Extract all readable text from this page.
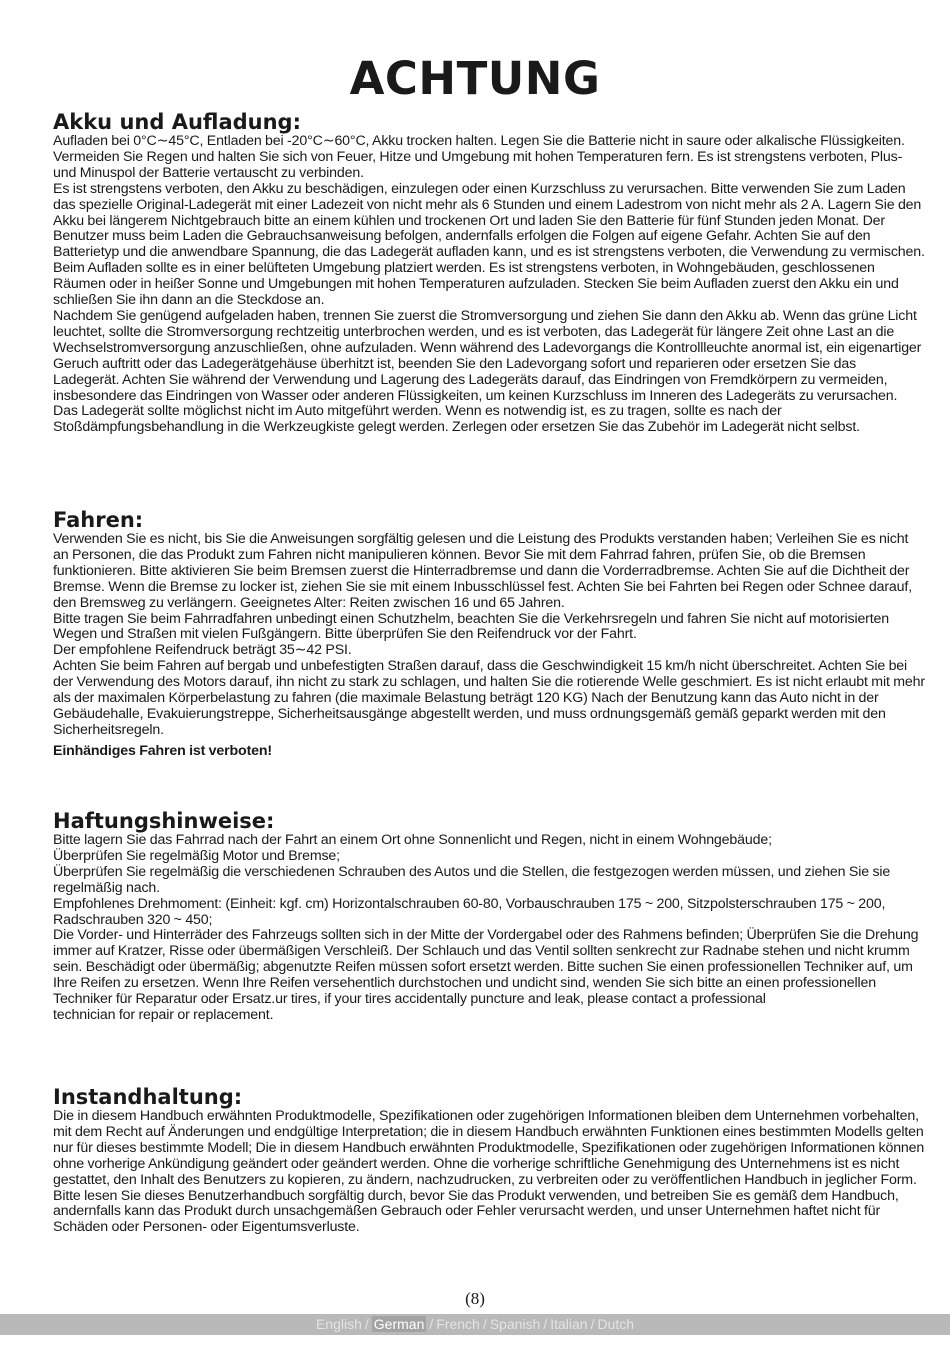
ACHTUNG
Akku und Aufladung:

Aufladen bei 0°C∼45°C, Entladen bei -20°C∼60°C, Akku trocken halten. Legen Sie die Batterie nicht in saure oder alkalische Flüssigkeiten. Vermeiden Sie Regen und halten Sie sich von Feuer, Hitze und Umgebung mit hohen Temperaturen fern. Es ist strengstens verboten, Plus- und Minuspol der Batterie vertauscht zu verbinden.

Es ist strengstens verboten, den Akku zu beschädigen, einzulegen oder einen Kurzschluss zu verursachen. Bitte verwenden Sie zum Laden das spezielle Original-Ladegerät mit einer Ladezeit von nicht mehr als 6 Stunden und einem Ladestrom von nicht mehr als 2 A. Lagern Sie den Akku bei längerem Nichtgebrauch bitte an einem kühlen und trockenen Ort und laden Sie den Batterie für fünf Stunden jeden Monat. Der Benutzer muss beim Laden die Gebrauchsanweisung befolgen, andernfalls erfolgen die Folgen auf eigene Gefahr. Achten Sie auf den Batterietyp und die anwendbare Spannung, die das Ladegerät aufladen kann, und es ist strengstens verboten, die Verwendung zu vermischen. Beim Aufladen sollte es in einer belüfteten Umgebung platziert werden. Es ist strengstens verboten, in Wohngebäuden, geschlossenen Räumen oder in heißer Sonne und Umgebungen mit hohen Temperaturen aufzuladen. Stecken Sie beim Aufladen zuerst den Akku ein und schließen Sie ihn dann an die Steckdose an.

Nachdem Sie genügend aufgeladen haben, trennen Sie zuerst die Stromversorgung und ziehen Sie dann den Akku ab. Wenn das grüne Licht leuchtet, sollte die Stromversorgung rechtzeitig unterbrochen werden, und es ist verboten, das Ladegerät für längere Zeit ohne Last an die Wechselstromversorgung anzuschließen, ohne aufzuladen. Wenn während des Ladevorgangs die Kontrollleuchte anormal ist, ein eigenartiger Geruch auftritt oder das Ladegerätgehäuse überhitzt ist, beenden Sie den Ladevorgang sofort und reparieren oder ersetzen Sie das Ladegerät. Achten Sie während der Verwendung und Lagerung des Ladegeräts darauf, das Eindringen von Fremdkörpern zu vermeiden, insbesondere das Eindringen von Wasser oder anderen Flüssigkeiten, um keinen Kurzschluss im Inneren des Ladegeräts zu verursachen.

Das Ladegerät sollte möglichst nicht im Auto mitgeführt werden. Wenn es notwendig ist, es zu tragen, sollte es nach der Stoßdämpfungsbehandlung in die Werkzeugkiste gelegt werden. Zerlegen oder ersetzen Sie das Zubehör im Ladegerät nicht selbst.

Fahren:

Verwenden Sie es nicht, bis Sie die Anweisungen sorgfältig gelesen und die Leistung des Produkts verstanden haben; Verleihen Sie es nicht an Personen, die das Produkt zum Fahren nicht manipulieren können. Bevor Sie mit dem Fahrrad fahren, prüfen Sie, ob die Bremsen funktionieren. Bitte aktivieren Sie beim Bremsen zuerst die Hinterradbremse und dann die Vorderradbremse. Achten Sie auf die Dichtheit der Bremse. Wenn die Bremse zu locker ist, ziehen Sie sie mit einem Inbusschlüssel fest. Achten Sie bei Fahrten bei Regen oder Schnee darauf, den Bremsweg zu verlängern. Geeignetes Alter: Reiten zwischen 16 und 65 Jahren.

Bitte tragen Sie beim Fahrradfahren unbedingt einen Schutzhelm, beachten Sie die Verkehrsregeln und fahren Sie nicht auf motorisierten Wegen und Straßen mit vielen Fußgängern. Bitte überprüfen Sie den Reifendruck vor der Fahrt.

Der empfohlene Reifendruck beträgt 35∼42 PSI.

Achten Sie beim Fahren auf bergab und unbefestigten Straßen darauf, dass die Geschwindigkeit 15 km/h nicht überschreitet. Achten Sie bei der Verwendung des Motors darauf, ihn nicht zu stark zu schlagen, und halten Sie die rotierende Welle geschmiert. Es ist nicht erlaubt mit mehr als der maximalen Körperbelastung zu fahren (die maximale Belastung beträgt 120 KG) Nach der Benutzung kann das Auto nicht in der Gebäudehalle, Evakuierungstreppe, Sicherheitsausgänge abgestellt werden, und muss ordnungsgemäß gemäß geparkt werden mit den Sicherheitsregeln.

Einhändiges Fahren ist verboten!

Haftungshinweise:

Bitte lagern Sie das Fahrrad nach der Fahrt an einem Ort ohne Sonnenlicht und Regen, nicht in einem Wohngebäude;

Überprüfen Sie regelmäßig Motor und Bremse;

Überprüfen Sie regelmäßig die verschiedenen Schrauben des Autos und die Stellen, die festgezogen werden müssen, und ziehen Sie sie regelmäßig nach.

Empfohlenes Drehmoment: (Einheit: kgf. cm) Horizontalschrauben 60-80, Vorbauschrauben 175 ~ 200, Sitzpolsterschrauben 175 ~ 200, Radschrauben 320 ~ 450;

Die Vorder- und Hinterräder des Fahrzeugs sollten sich in der Mitte der Vordergabel oder des Rahmens befinden; Überprüfen Sie die Drehung immer auf Kratzer, Risse oder übermäßigen Verschleiß. Der Schlauch und das Ventil sollten senkrecht zur Radnabe stehen und nicht krumm sein. Beschädigt oder übermäßig; abgenutzte Reifen müssen sofort ersetzt werden. Bitte suchen Sie einen professionellen Techniker auf, um Ihre Reifen zu ersetzen. Wenn Ihre Reifen versehentlich durchstochen und undicht sind, wenden Sie sich bitte an einen professionellen Techniker für Reparatur oder Ersatz.ur tires, if your tires accidentally puncture and leak, please contact a professional

technician for repair or replacement.

Instandhaltung:

Die in diesem Handbuch erwähnten Produktmodelle, Spezifikationen oder zugehörigen Informationen bleiben dem Unternehmen vorbehalten, mit dem Recht auf Änderungen und endgültige Interpretation; die in diesem Handbuch erwähnten Funktionen eines bestimmten Modells gelten nur für dieses bestimmte Modell; Die in diesem Handbuch erwähnten Produktmodelle, Spezifikationen oder zugehörigen Informationen können ohne vorherige Ankündigung geändert oder geändert werden. Ohne die vorherige schriftliche Genehmigung des Unternehmens ist es nicht gestattet, den Inhalt des Benutzers zu kopieren, zu ändern, nachzudrucken, zu verbreiten oder zu veröffentlichen Handbuch in jeglicher Form. Bitte lesen Sie dieses Benutzerhandbuch sorgfältig durch, bevor Sie das Produkt verwenden, und betreiben Sie es gemäß dem Handbuch, andernfalls kann das Produkt durch unsachgemäßen Gebrauch oder Fehler verursacht werden, und unser Unternehmen haftet nicht für Schäden oder Personen- oder Eigentumsverluste.

(8)
English / German / French / Spanish / Italian / Dutch
